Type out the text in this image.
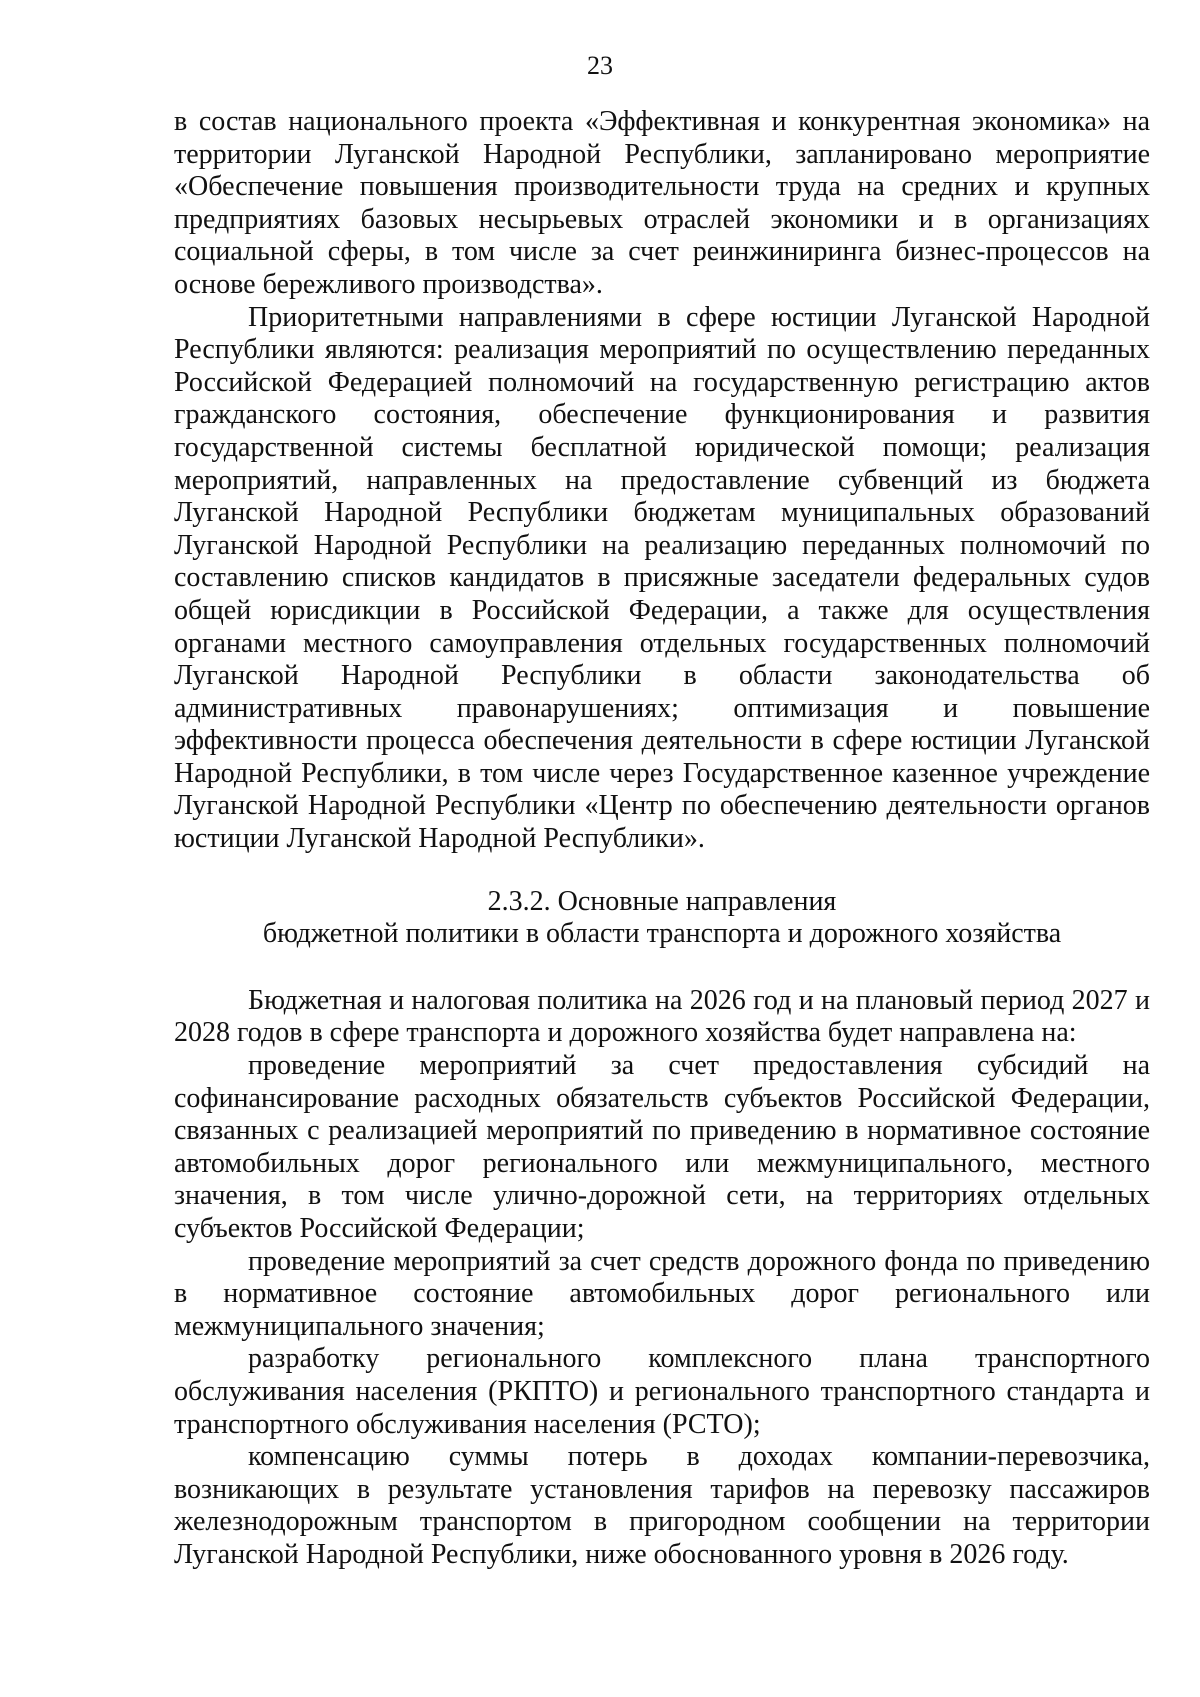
23

в состав национального проекта «Эффективная и конкурентная экономика» на территории Луганской Народной Республики, запланировано мероприятие «Обеспечение повышения производительности труда на средних и крупных предприятиях базовых несырьевых отраслей экономики и в организациях социальной сферы, в том числе за счет реинжиниринга бизнес-процессов на основе бережливого производства».

Приоритетными направлениями в сфере юстиции Луганской Народной Республики являются: реализация мероприятий по осуществлению переданных Российской Федерацией полномочий на государственную регистрацию актов гражданского состояния, обеспечение функционирования и развития государственной системы бесплатной юридической помощи; реализация мероприятий, направленных на предоставление субвенций из бюджета Луганской Народной Республики бюджетам муниципальных образований Луганской Народной Республики на реализацию переданных полномочий по составлению списков кандидатов в присяжные заседатели федеральных судов общей юрисдикции в Российской Федерации, а также для осуществления органами местного самоуправления отдельных государственных полномочий Луганской Народной Республики в области законодательства об административных правонарушениях; оптимизация и повышение эффективности процесса обеспечения деятельности в сфере юстиции Луганской Народной Республики, в том числе через Государственное казенное учреждение Луганской Народной Республики «Центр по обеспечению деятельности органов юстиции Луганской Народной Республики».

2.3.2. Основные направления
бюджетной политики в области транспорта и дорожного хозяйства

Бюджетная и налоговая политика на 2026 год и на плановый период 2027 и 2028 годов в сфере транспорта и дорожного хозяйства будет направлена на:

проведение мероприятий за счет предоставления субсидий на софинансирование расходных обязательств субъектов Российской Федерации, связанных с реализацией мероприятий по приведению в нормативное состояние автомобильных дорог регионального или межмуниципального, местного значения, в том числе улично-дорожной сети, на территориях отдельных субъектов Российской Федерации;

проведение мероприятий за счет средств дорожного фонда по приведению в нормативное состояние автомобильных дорог регионального или межмуниципального значения;

разработку регионального комплексного плана транспортного обслуживания населения (РКПТО) и регионального транспортного стандарта и транспортного обслуживания населения (РСТО);

компенсацию суммы потерь в доходах компании-перевозчика, возникающих в результате установления тарифов на перевозку пассажиров железнодорожным транспортом в пригородном сообщении на территории Луганской Народной Республики, ниже обоснованного уровня в 2026 году.
